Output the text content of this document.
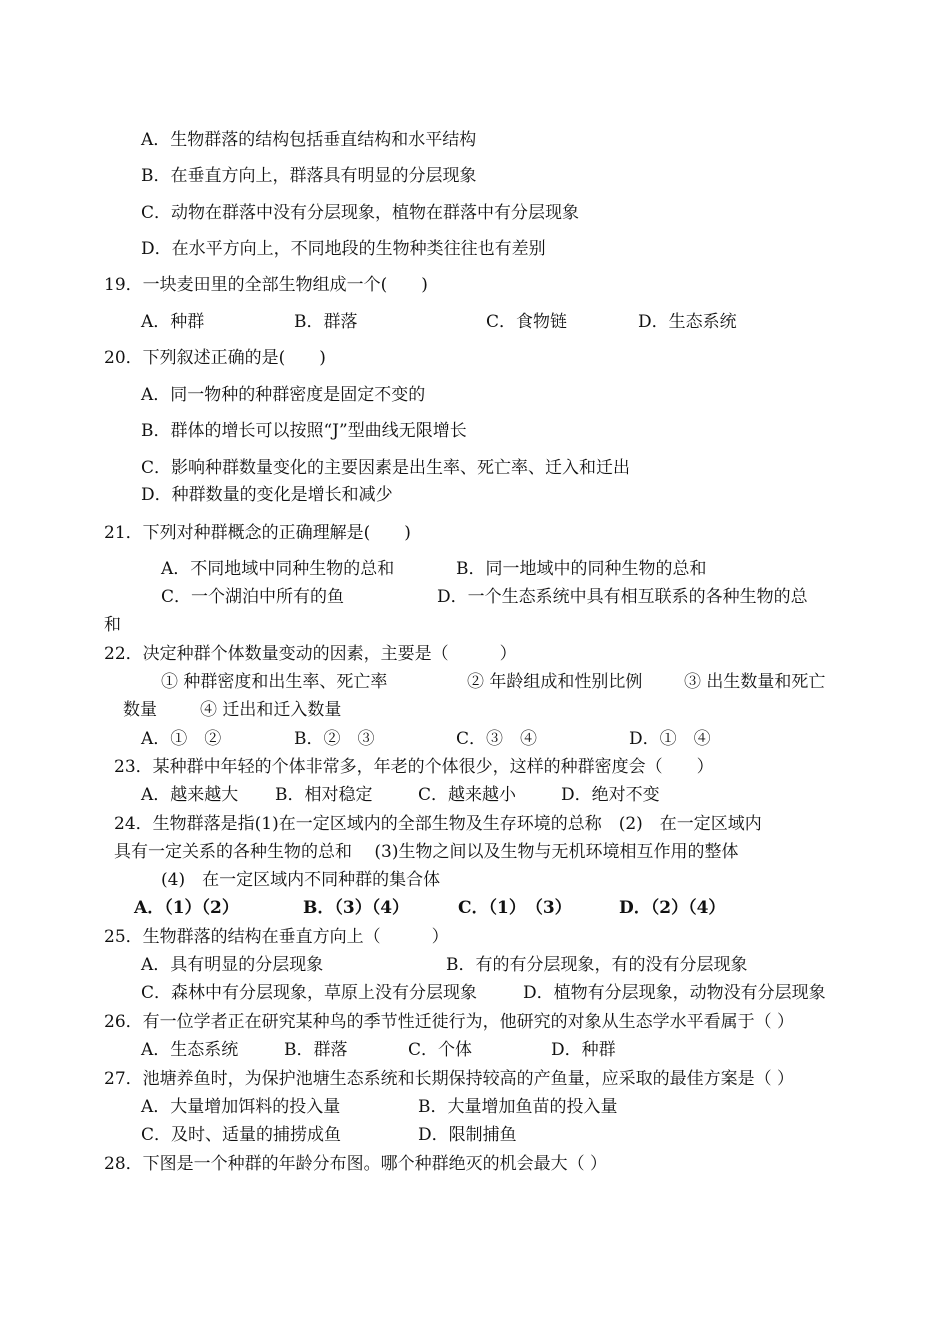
A．生物群落的结构包括垂直结构和水平结构
B．在垂直方向上，群落具有明显的分层现象
C．动物在群落中没有分层现象，植物在群落中有分层现象
D．在水平方向上，不同地段的生物种类往往也有差别
19．一块麦田里的全部生物组成一个(　　)
A．种群	B．群落	C．食物链	D．生态系统
20．下列叙述正确的是(　　)
A．同一物种的种群密度是固定不变的
B．群体的增长可以按照“J”型曲线无限增长
C．影响种群数量变化的主要因素是出生率、死亡率、迁入和迁出
D．种群数量的变化是增长和减少
21．下列对种群概念的正确理解是(　　)
A．不同地域中同种生物的总和	B．同一地域中的同种生物的总和
C．一个湖泊中所有的鱼	D．一个生态系统中具有相互联系的各种生物的总
和
22．决定种群个体数量变动的因素，主要是（　　　）
① 种群密度和出生率、死亡率	② 年龄组成和性别比例 ③ 出生数量和死亡
数量	④ 迁出和迁入数量
A．①　②	B．②　③	C．③　④	D．①　④
23．某种群中年轻的个体非常多，年老的个体很少，这样的种群密度会（　　）
A．越来越大 B．相对稳定	C．越来越小	D．绝对不变
24．生物群落是指(1)在一定区域内的全部生物及生存环境的总称　(2)　在一定区域内
具有一定关系的各种生物的总和　 (3)生物之间以及生物与无机环境相互作用的整体
(4)　在一定区域内不同种群的集合体
A．（1）（2）	B．（3）（4）	C．（1）　（3）	D．（2）（4）
25．生物群落的结构在垂直方向上（　　　）
A．具有明显的分层现象	B．有的有分层现象，有的没有分层现象
C．森林中有分层现象，草原上没有分层现象	D．植物有分层现象，动物没有分层现象
26．有一位学者正在研究某种鸟的季节性迁徙行为，他研究的对象从生态学水平看属于（ ）
A．生态系统	B．群落	C．个体	D．种群
27．池塘养鱼时，为保护池塘生态系统和长期保持较高的产鱼量，应采取的最佳方案是（ ）
A．大量增加饵料的投入量	B．大量增加鱼苗的投入量
C．及时、适量的捕捞成鱼	D．限制捕鱼
28．下图是一个种群的年龄分布图。哪个种群绝灭的机会最大（ ）
